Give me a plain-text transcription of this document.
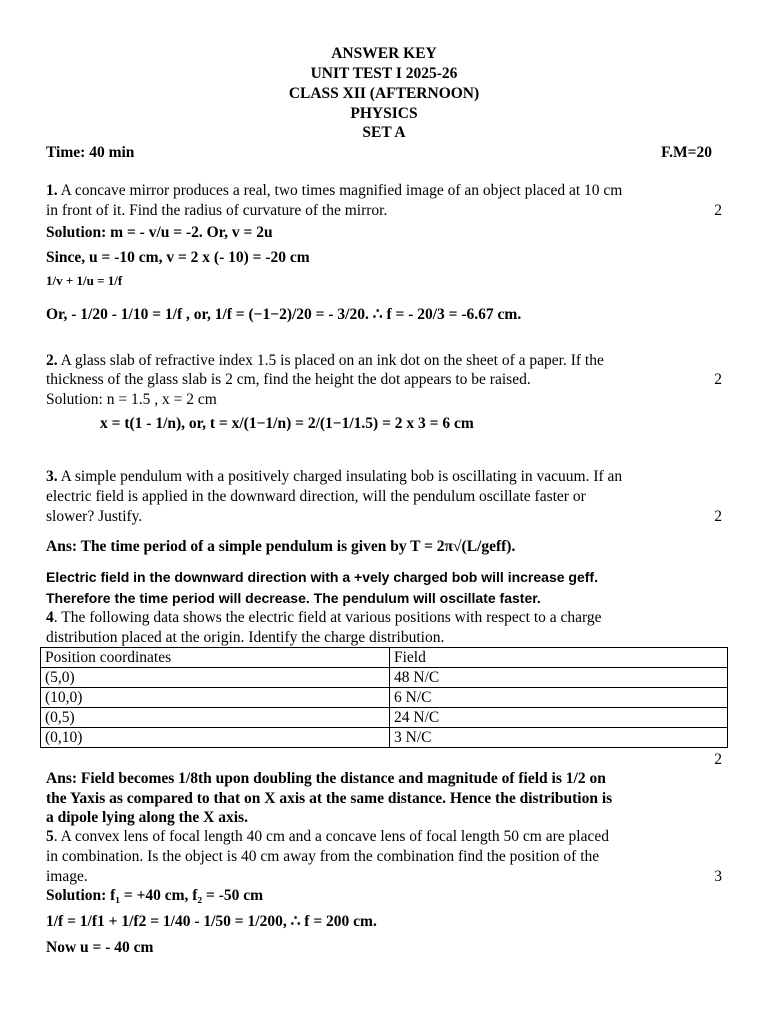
ANSWER KEY
UNIT TEST I 2025-26
CLASS XII (AFTERNOON)
PHYSICS
SET A
Time: 40 min	F.M=20
1. A concave mirror produces a real, two times magnified image of an object placed at 10 cm
in front of it. Find the radius of curvature of the mirror.	2
Solution: m = - v/u = -2. Or, v = 2u
Since, u = -10 cm, v = 2 x (- 10) = -20 cm
1/v + 1/u = 1/f
Or, - 1/20 - 1/10 = 1/f , or, 1/f = (−1−2)/20 = - 3/20. ∴ f = - 20/3 = -6.67 cm.
2. A glass slab of refractive index 1.5 is placed on an ink dot on the sheet of a paper. If the
thickness of the glass slab is 2 cm, find the height the dot appears to be raised.	2
Solution: n = 1.5 , x = 2 cm
x = t(1 - 1/n), or, t = x/(1−1/n) = 2/(1−1/1.5) = 2 x 3 = 6 cm
3. A simple pendulum with a positively charged insulating bob is oscillating in vacuum. If an
electric field is applied in the downward direction, will the pendulum oscillate faster or
slower? Justify.	2
Ans: The time period of a simple pendulum is given by T = 2π√(L/geff).
Electric field in the downward direction with a +vely charged bob will increase geff.
Therefore the time period will decrease. The pendulum will oscillate faster.
4. The following data shows the electric field at various positions with respect to a charge
distribution placed at the origin. Identify the charge distribution.
Position coordinates	Field
(5,0)	48 N/C
(10,0)	6 N/C
(0,5)	24 N/C
(0,10)	3 N/C
2
Ans: Field becomes 1/8th upon doubling the distance and magnitude of field is 1/2 on
the Yaxis as compared to that on X axis at the same distance. Hence the distribution is
a dipole lying along the X axis.
5. A convex lens of focal length 40 cm and a concave lens of focal length 50 cm are placed
in combination. Is the object is 40 cm away from the combination find the position of the
image.	3
Solution: f₁ = +40 cm, f₂ = -50 cm
1/f = 1/f1 + 1/f2 = 1/40 - 1/50 = 1/200, ∴ f = 200 cm.
Now u = - 40 cm
